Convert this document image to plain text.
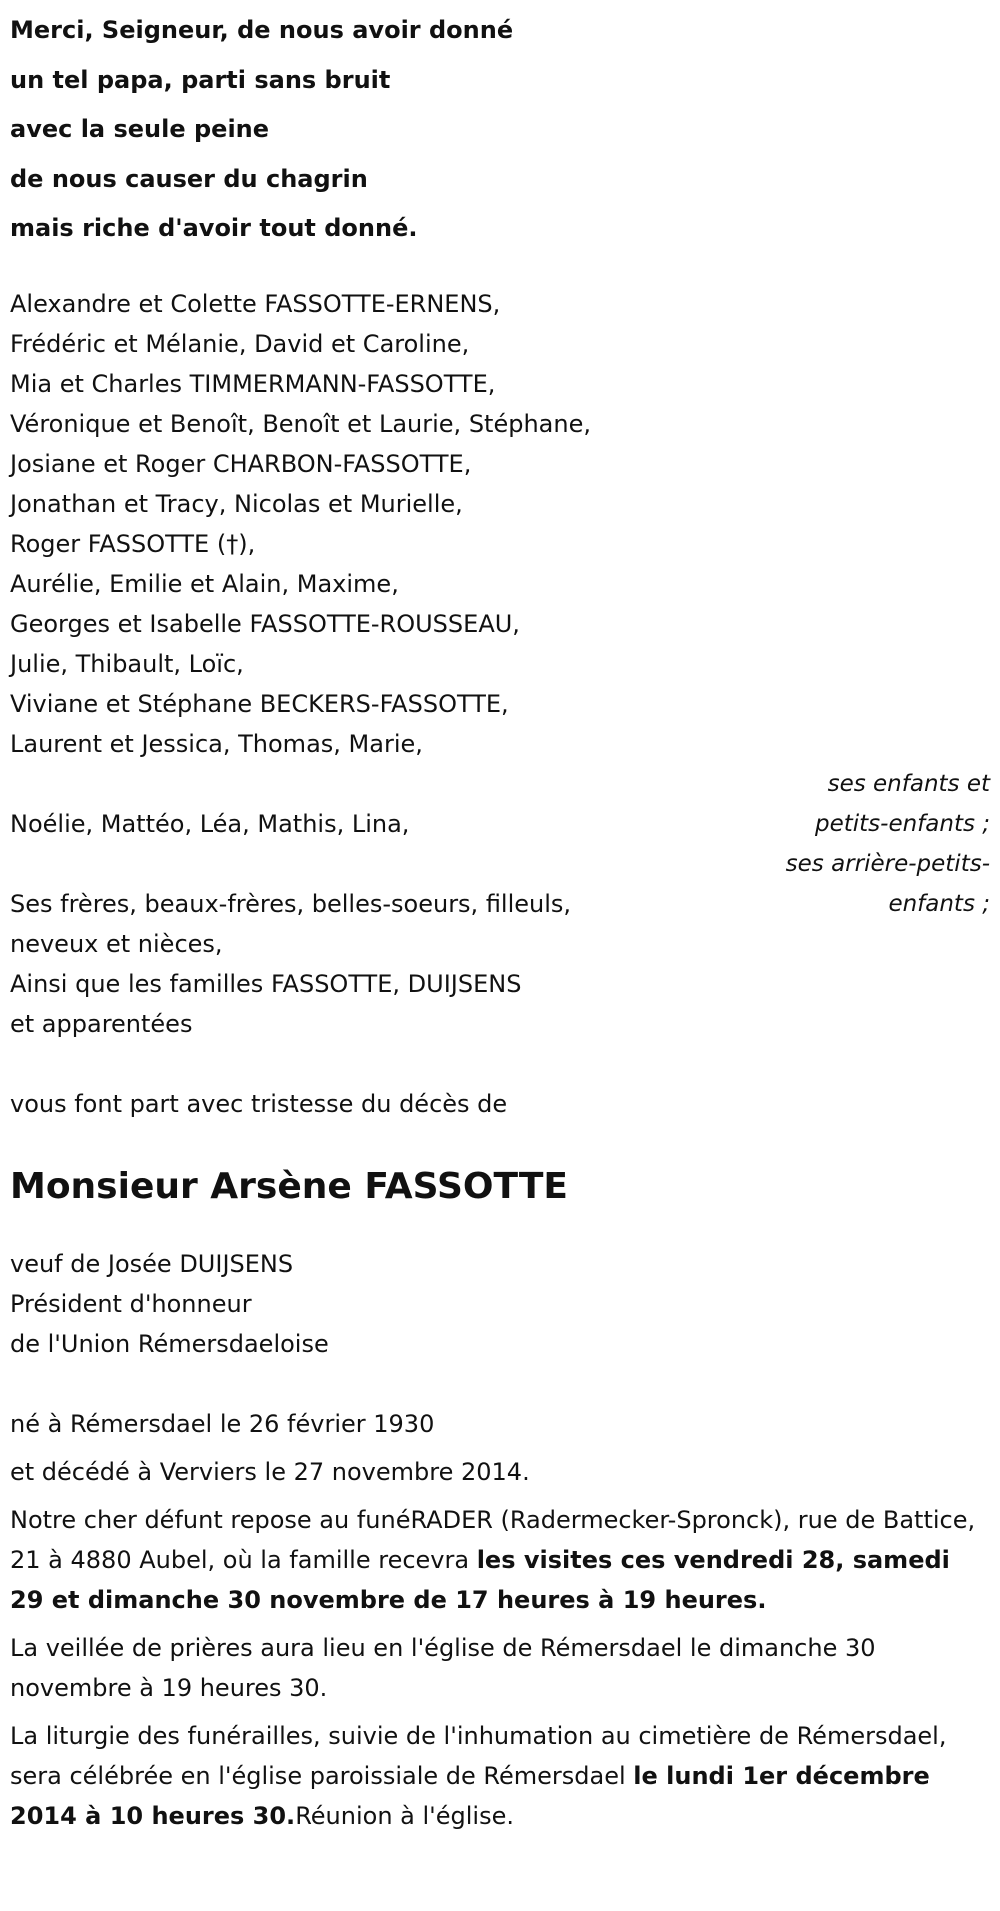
Merci, Seigneur, de nous avoir donné
un tel papa, parti sans bruit
avec la seule peine
de nous causer du chagrin
mais riche d'avoir tout donné.
Alexandre et Colette FASSOTTE-ERNENS,
Frédéric et Mélanie, David et Caroline,
Mia et Charles TIMMERMANN-FASSOTTE,
Véronique et Benoît, Benoît et Laurie, Stéphane,
Josiane et Roger CHARBON-FASSOTTE,
Jonathan et Tracy, Nicolas et Murielle,
Roger FASSOTTE (†),
Aurélie, Emilie et Alain, Maxime,
Georges et Isabelle FASSOTTE-ROUSSEAU,
Julie, Thibault, Loïc,
Viviane et Stéphane BECKERS-FASSOTTE,
Laurent et Jessica, Thomas, Marie,
ses enfants et
petits-enfants ;
Noélie, Mattéo, Léa, Mathis, Lina,
ses arrière-petits-
enfants ;
Ses frères, beaux-frères, belles-soeurs, filleuls,
neveux et nièces,
Ainsi que les familles FASSOTTE, DUIJSENS
et apparentées
vous font part avec tristesse du décès de
Monsieur Arsène FASSOTTE
veuf de Josée DUIJSENS
Président d'honneur
de l'Union Rémersdaeloise
né à Rémersdael le 26 février 1930
et décédé à Verviers le 27 novembre 2014.

Notre cher défunt repose au funéRADER (Radermecker-Spronck), rue de Battice, 21 à 4880 Aubel, où la famille recevra les visites ces vendredi 28, samedi 29 et dimanche 30 novembre de 17 heures à 19 heures.

La veillée de prières aura lieu en l'église de Rémersdael le dimanche 30 novembre à 19 heures 30.

La liturgie des funérailles, suivie de l'inhumation au cimetière de Rémersdael, sera célébrée en l'église paroissiale de Rémersdael le lundi 1er décembre 2014 à 10 heures 30.Réunion à l'église.
